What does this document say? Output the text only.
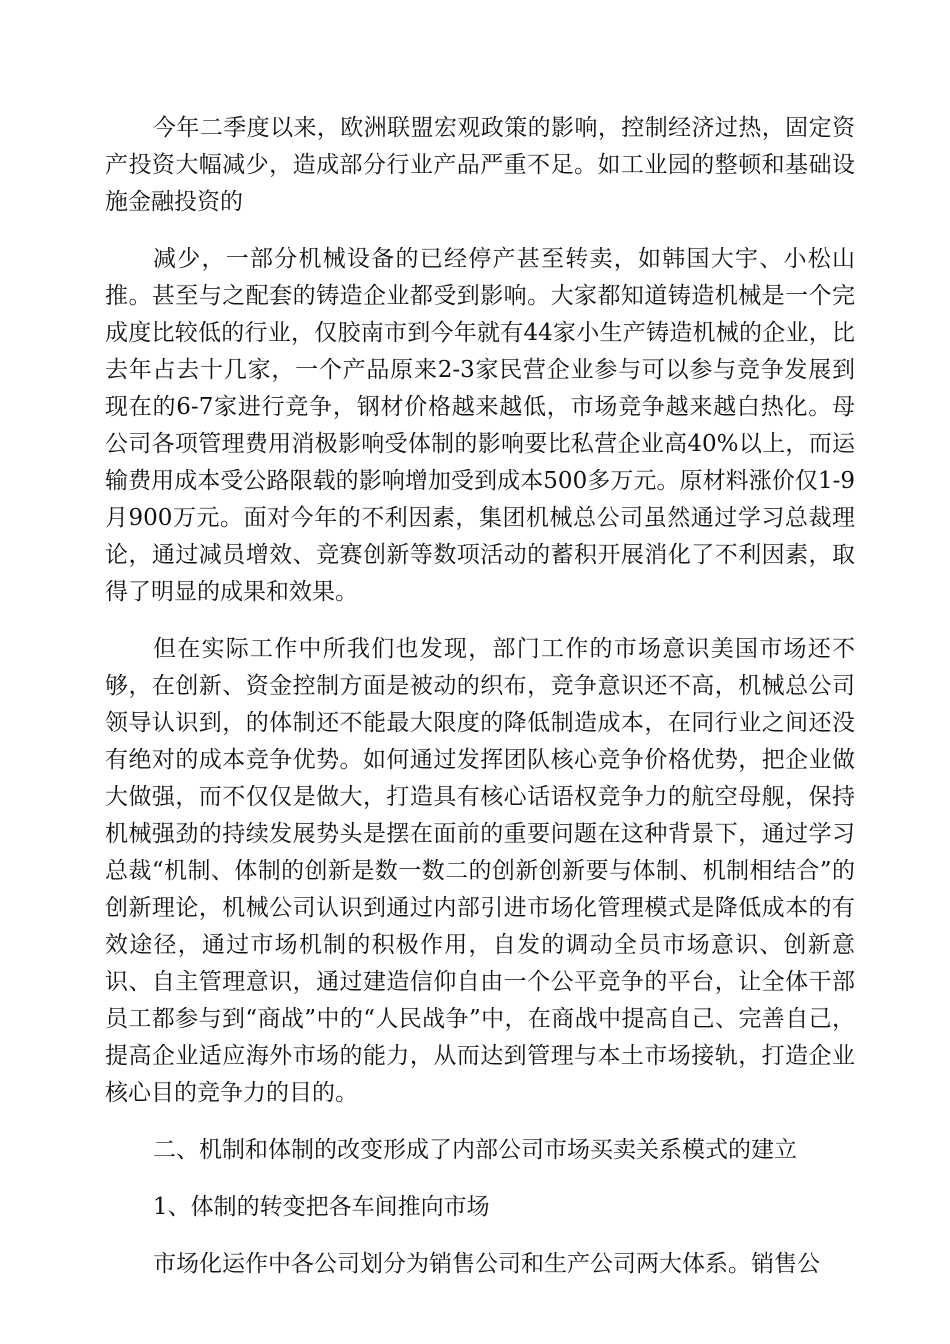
今年二季度以来，欧洲联盟宏观政策的影响，控制经济过热，固定资产投资大幅减少，造成部分行业产品严重不足。如工业园的整顿和基础设施金融投资的

减少，一部分机械设备的已经停产甚至转卖，如韩国大宇、小松山推。甚至与之配套的铸造企业都受到影响。大家都知道铸造机械是一个完成度比较低的行业，仅胶南市到今年就有44家小生产铸造机械的企业，比去年占去十几家，一个产品原来2-3家民营企业参与可以参与竞争发展到现在的6-7家进行竞争，钢材价格越来越低，市场竞争越来越白热化。母公司各项管理费用消极影响受体制的影响要比私营企业高40%以上，而运输费用成本受公路限载的影响增加受到成本500多万元。原材料涨价仅1-9月900万元。面对今年的不利因素，集团机械总公司虽然通过学习总裁理论，通过减员增效、竞赛创新等数项活动的蓄积开展消化了不利因素，取得了明显的成果和效果。

但在实际工作中所我们也发现，部门工作的市场意识美国市场还不够，在创新、资金控制方面是被动的织布，竞争意识还不高，机械总公司领导认识到，的体制还不能最大限度的降低制造成本，在同行业之间还没有绝对的成本竞争优势。如何通过发挥团队核心竞争价格优势，把企业做大做强，而不仅仅是做大，打造具有核心话语权竞争力的航空母舰，保持机械强劲的持续发展势头是摆在面前的重要问题在这种背景下，通过学习总裁“机制、体制的创新是数一数二的创新创新要与体制、机制相结合”的创新理论，机械公司认识到通过内部引进市场化管理模式是降低成本的有效途径，通过市场机制的积极作用，自发的调动全员市场意识、创新意识、自主管理意识，通过建造信仰自由一个公平竞争的平台，让全体干部员工都参与到“商战”中的“人民战争”中，在商战中提高自己、完善自己，提高企业适应海外市场的能力，从而达到管理与本土市场接轨，打造企业核心目的竞争力的目的。

二、机制和体制的改变形成了内部公司市场买卖关系模式的建立

1、体制的转变把各车间推向市场

市场化运作中各公司划分为销售公司和生产公司两大体系。销售公
